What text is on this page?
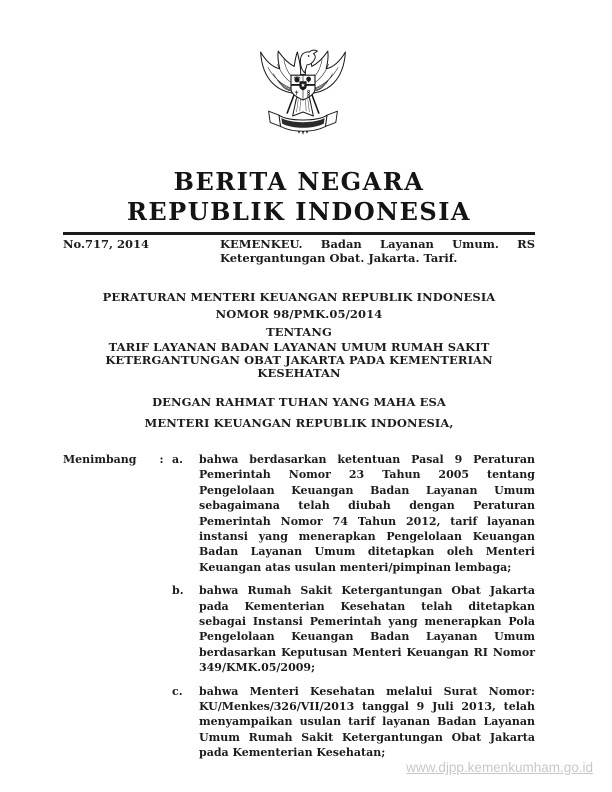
BERITA NEGARA
REPUBLIK INDONESIA
No.717, 2014	KEMENKEU. Badan Layanan Umum. RS Ketergantungan Obat. Jakarta. Tarif.
PERATURAN MENTERI KEUANGAN REPUBLIK INDONESIA
NOMOR 98/PMK.05/2014
TENTANG
TARIF LAYANAN BADAN LAYANAN UMUM RUMAH SAKIT
KETERGANTUNGAN OBAT JAKARTA PADA KEMENTERIAN KESEHATAN
DENGAN RAHMAT TUHAN YANG MAHA ESA
MENTERI KEUANGAN REPUBLIK INDONESIA,
Menimbang	: a.	bahwa berdasarkan ketentuan Pasal 9 Peraturan Pemerintah Nomor 23 Tahun 2005 tentang Pengelolaan Keuangan Badan Layanan Umum sebagaimana telah diubah dengan Peraturan Pemerintah Nomor 74 Tahun 2012, tarif layanan instansi yang menerapkan Pengelolaan Keuangan Badan Layanan Umum ditetapkan oleh Menteri Keuangan atas usulan menteri/pimpinan lembaga;

b.	bahwa Rumah Sakit Ketergantungan Obat Jakarta pada Kementerian Kesehatan telah ditetapkan sebagai Instansi Pemerintah yang menerapkan Pola Pengelolaan Keuangan Badan Layanan Umum berdasarkan Keputusan Menteri Keuangan RI Nomor 349/KMK.05/2009;

c.	bahwa Menteri Kesehatan melalui Surat Nomor: KU/Menkes/326/VII/2013 tanggal 9 Juli 2013, telah menyampaikan usulan tarif layanan Badan Layanan Umum Rumah Sakit Ketergantungan Obat Jakarta pada Kementerian Kesehatan;

www.djpp.kemenkumham.go.id
